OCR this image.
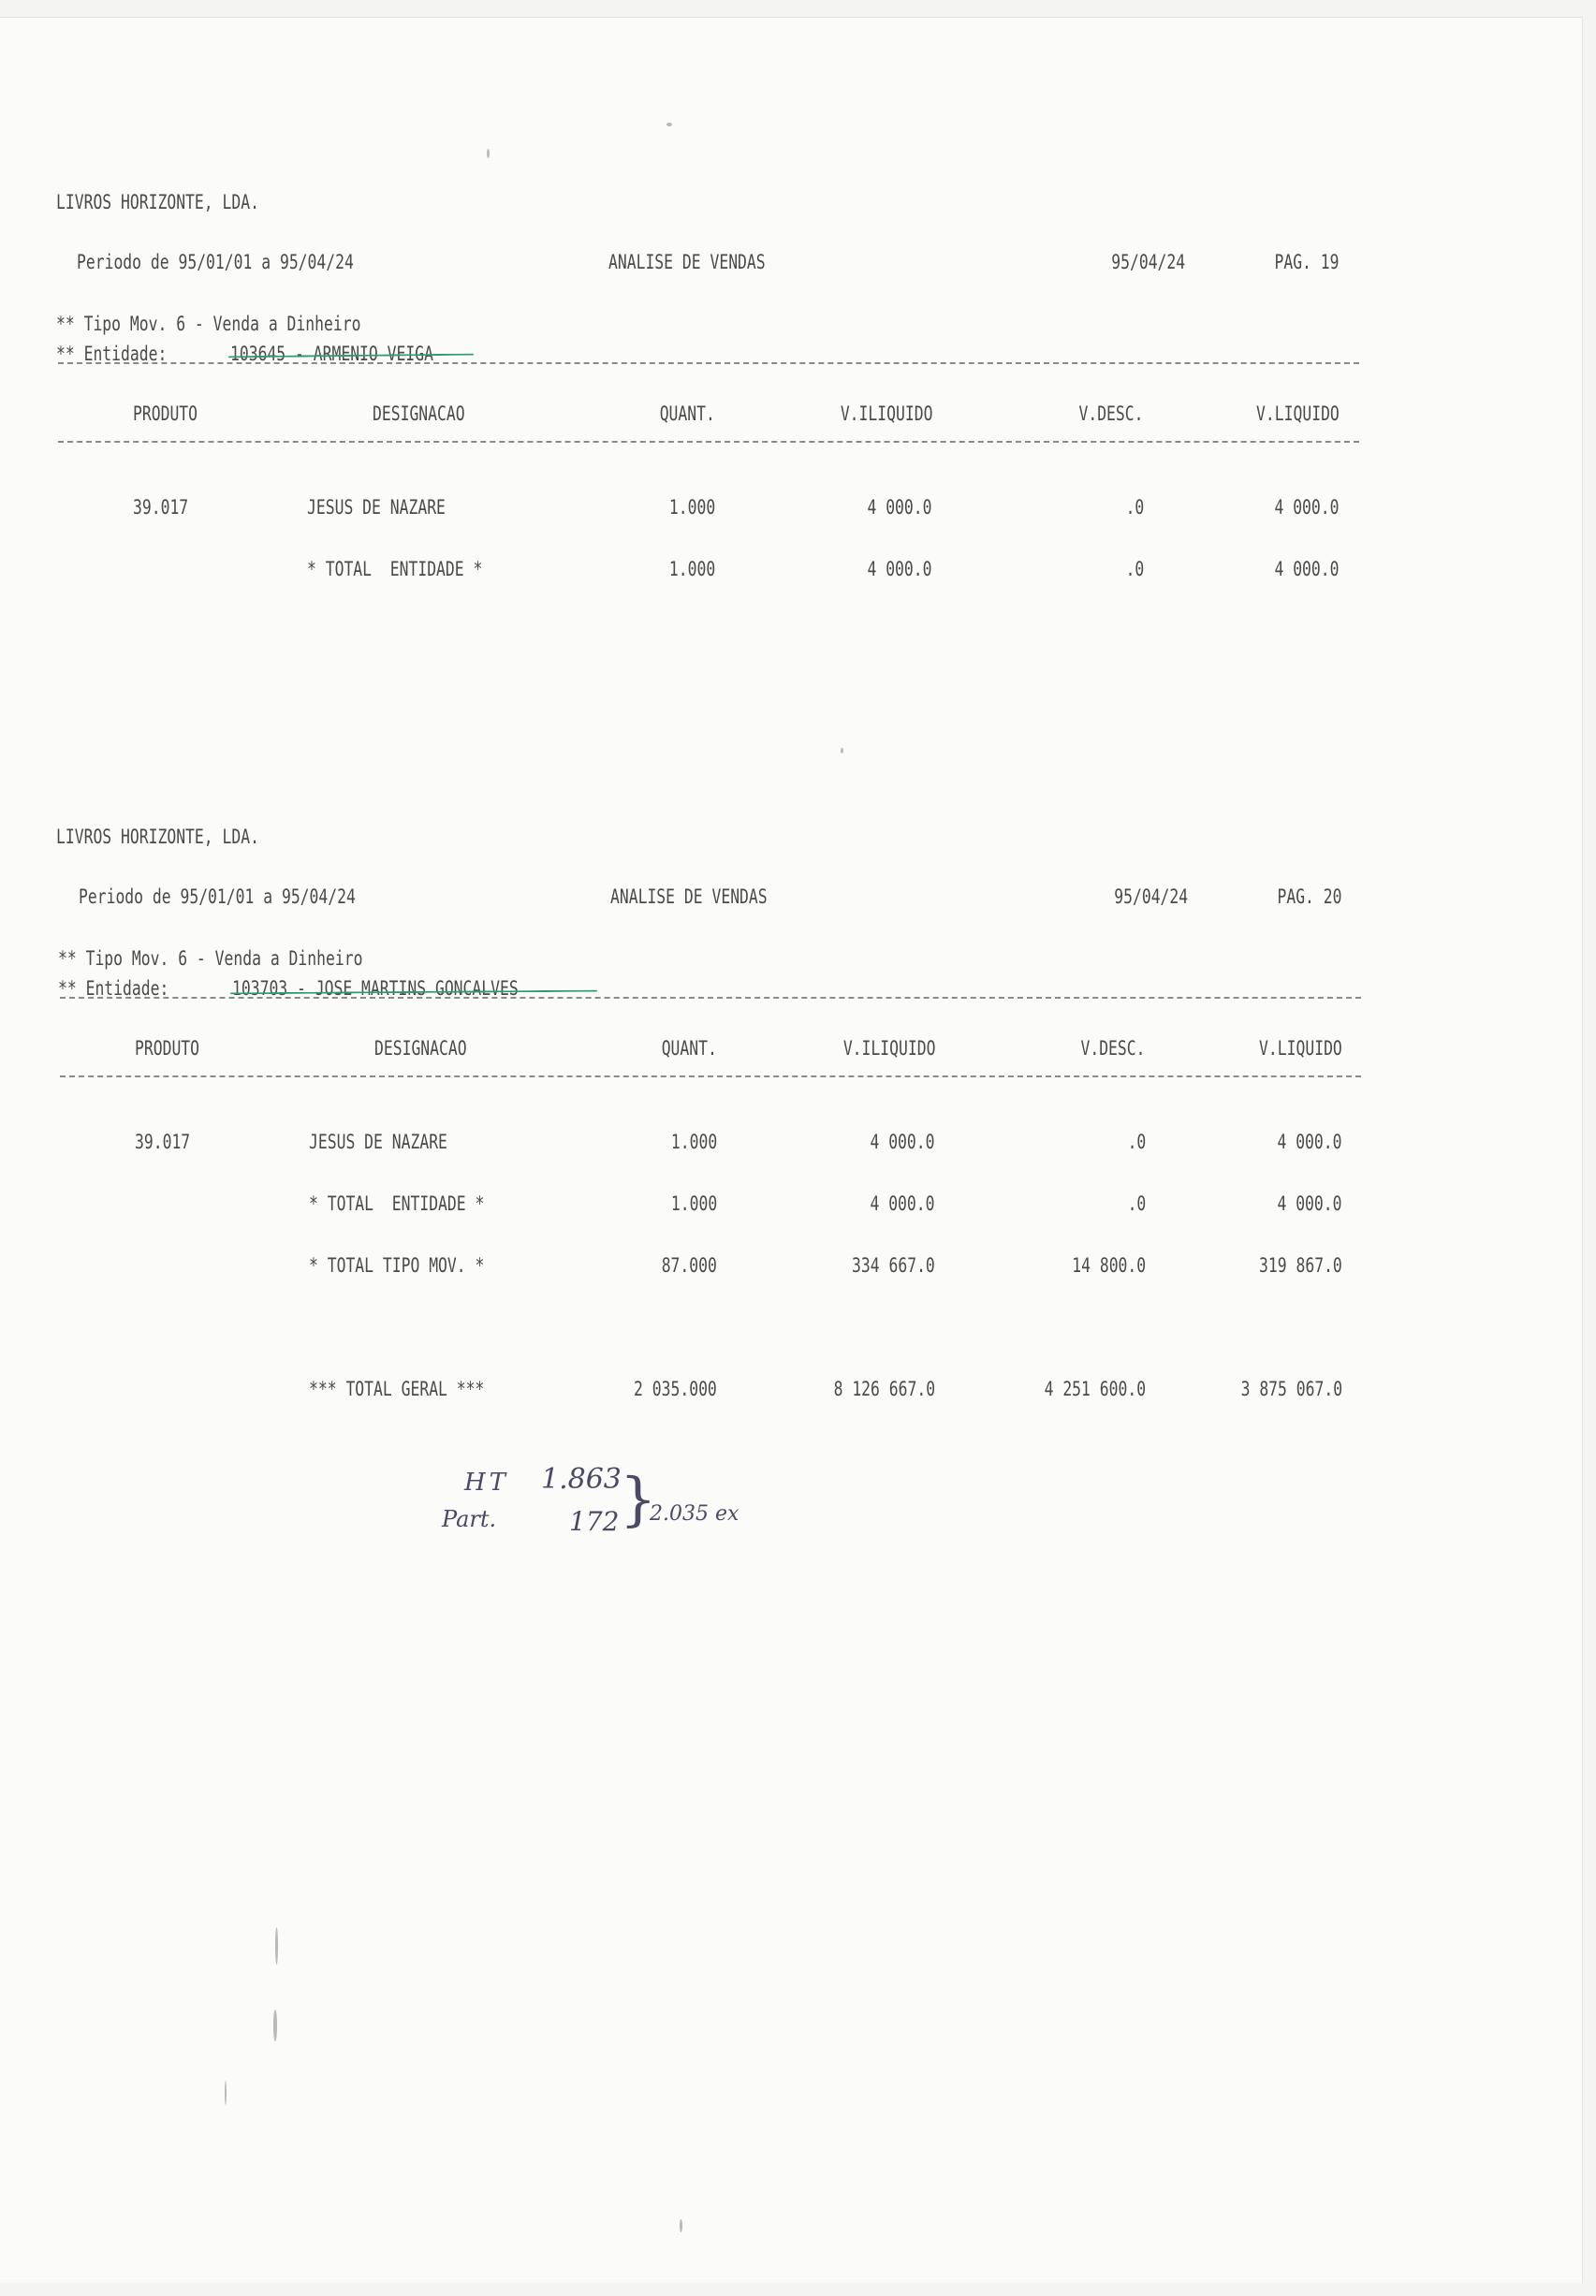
LIVROS HORIZONTE, LDA.
Periodo de 95/01/01 a 95/04/24	ANALISE DE VENDAS	95/04/24	PAG. 19
** Tipo Mov. 6 - Venda a Dinheiro
** Entidade:	103645 - ARMENIO VEIGA
PRODUTO	DESIGNACAO	QUANT.	V.ILIQUIDO	V.DESC.	V.LIQUIDO
39.017	JESUS DE NAZARE	1.000	4 000.0	.0	4 000.0
* TOTAL  ENTIDADE *	1.000	4 000.0	.0	4 000.0
LIVROS HORIZONTE, LDA.
Periodo de 95/01/01 a 95/04/24	ANALISE DE VENDAS	95/04/24	PAG. 20
** Tipo Mov. 6 - Venda a Dinheiro
** Entidade:	103703 - JOSE MARTINS GONCALVES
PRODUTO	DESIGNACAO	QUANT.	V.ILIQUIDO	V.DESC.	V.LIQUIDO
39.017	JESUS DE NAZARE	1.000	4 000.0	.0	4 000.0
* TOTAL  ENTIDADE *	1.000	4 000.0	.0	4 000.0
* TOTAL TIPO MOV. *	87.000	334 667.0	14 800.0	319 867.0
*** TOTAL GERAL ***	2 035.000	8 126 667.0	4 251 600.0	3 875 067.0
HT 1.863
Part.	172 }
2.035 ex
